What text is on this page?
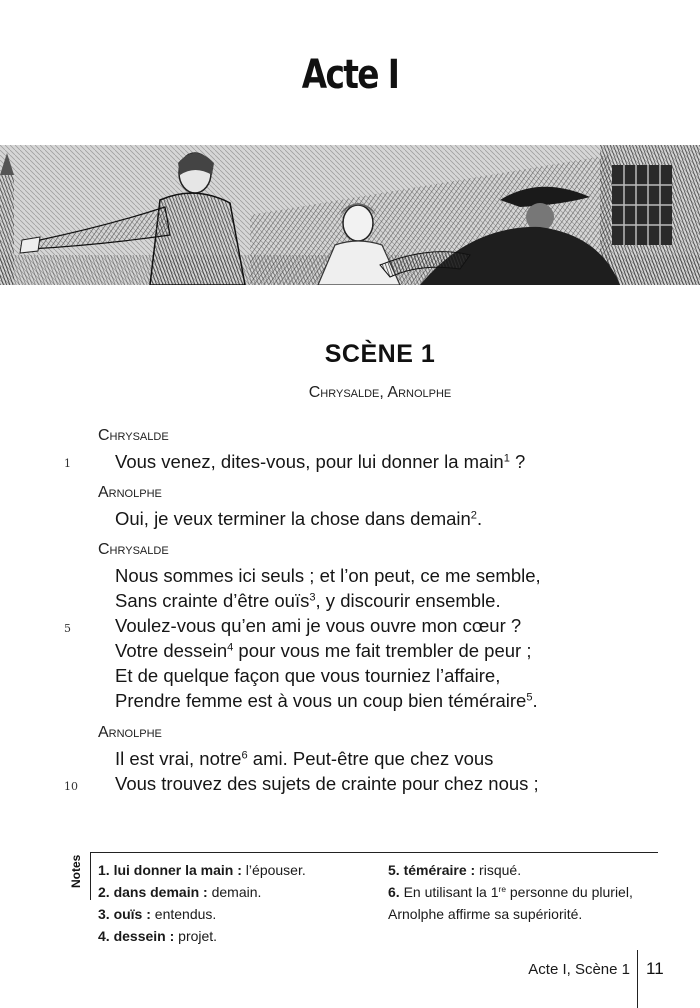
Acte I
SCÈNE 1
Chrysalde, Arnolphe
Chrysalde
1	Vous venez, dites-vous, pour lui donner la main$^1$ ?
Arnolphe
Oui, je veux terminer la chose dans demain$^2$.
Chrysalde
Nous sommes ici seuls ; et l’on peut, ce me semble,
Sans crainte d’être ouïs$^3$, y discourir ensemble.
5	Voulez-vous qu’en ami je vous ouvre mon cœur ?
Votre dessein$^4$ pour vous me fait trembler de peur ;
Et de quelque façon que vous tourniez l’affaire,
Prendre femme est à vous un coup bien téméraire$^5$.
Arnolphe
Il est vrai, notre$^6$ ami. Peut-être que chez vous
10	Vous trouvez des sujets de crainte pour chez nous ;
Notes 1. lui donner la main : l’épouser.
2. dans demain : demain.
3. ouïs : entendus.
4. dessein : projet.
5. téméraire : risqué.
6. En utilisant la 1re personne du pluriel,
Arnolphe affirme sa supériorité.
Acte I, Scène 1 11
